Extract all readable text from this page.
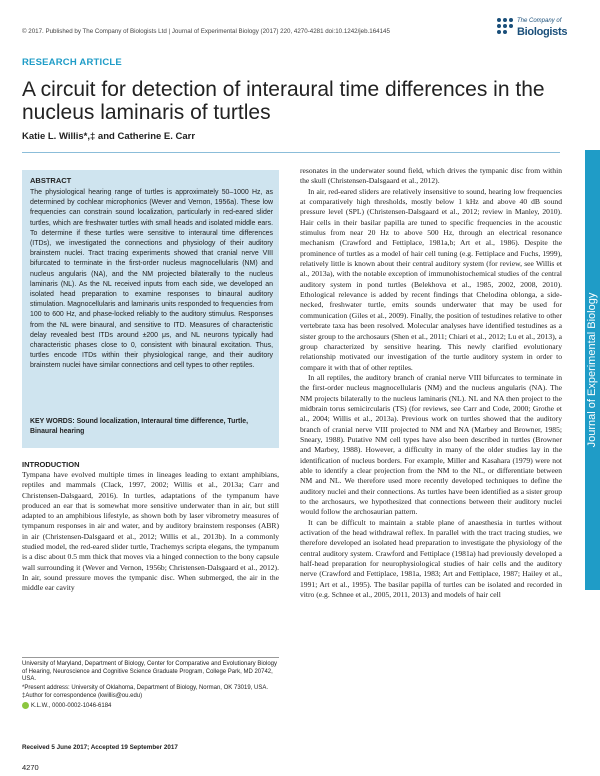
© 2017. Published by The Company of Biologists Ltd | Journal of Experimental Biology (2017) 220, 4270-4281 doi:10.1242/jeb.164145
The Company of
Biologists
RESEARCH ARTICLE
A circuit for detection of interaural time differences in the nucleus laminaris of turtles
Katie L. Willis*,‡ and Catherine E. Carr
ABSTRACT
The physiological hearing range of turtles is approximately 50–1000 Hz, as determined by cochlear microphonics (Wever and Vernon, 1956a). These low frequencies can constrain sound localization, particularly in red-eared slider turtles, which are freshwater turtles with small heads and isolated middle ears. To determine if these turtles were sensitive to interaural time differences (ITDs), we investigated the connections and physiology of their auditory brainstem nuclei. Tract tracing experiments showed that cranial nerve VIII bifurcated to terminate in the first-order nucleus magnocellularis (NM) and nucleus angularis (NA), and the NM projected bilaterally to the nucleus laminaris (NL). As the NL received inputs from each side, we developed an isolated head preparation to examine responses to binaural auditory stimulation. Magnocellularis and laminaris units responded to frequencies from 100 to 600 Hz, and phase-locked reliably to the auditory stimulus. Responses from the NL were binaural, and sensitive to ITD. Measures of characteristic delay revealed best ITDs around ±200 μs, and NL neurons typically had characteristic phases close to 0, consistent with binaural excitation. Thus, turtles encode ITDs within their physiological range, and their auditory brainstem nuclei have similar connections and cell types to other reptiles.
KEY WORDS: Sound localization, Interaural time difference, Turtle, Binaural hearing
INTRODUCTION

Tympana have evolved multiple times in lineages leading to extant amphibians, reptiles and mammals (Clack, 1997, 2002; Willis et al., 2013a; Carr and Christensen-Dalsgaard, 2016). In turtles, adaptations of the tympanum have produced an ear that is somewhat more sensitive underwater than in air, but still adapted to an amphibious lifestyle, as shown both by laser vibrometry measures of tympanum responses in air and water, and by auditory brainstem responses (ABR) in air (Christensen-Dalsgaard et al., 2012; Willis et al., 2013b). In a commonly studied model, the red-eared slider turtle, Trachemys scripta elegans, the tympanum is a disc about 0.5 mm thick that moves via a hinged connection to the bony capsule wall surrounding it (Wever and Vernon, 1956b; Christensen-Dalsgaard et al., 2012). In air, sound pressure moves the tympanic disc. When submerged, the air in the middle ear cavity

resonates in the underwater sound field, which drives the tympanic disc from within the skull (Christensen-Dalsgaard et al., 2012).

In air, red-eared sliders are relatively insensitive to sound, hearing low frequencies at comparatively high thresholds, mostly below 1 kHz and above 40 dB sound pressure level (SPL) (Christensen-Dalsgaard et al., 2012; review in Manley, 2010). Hair cells in their basilar papilla are tuned to specific frequencies in the acoustic stimulus from near 20 Hz to above 500 Hz, through an electrical resonance mechanism (Crawford and Fettiplace, 1981a,b; Art et al., 1986). Despite the prominence of turtles as a model of hair cell tuning (e.g. Fettiplace and Fuchs, 1999), relatively little is known about their central auditory system (for review, see Willis et al., 2013a), with the notable exception of immunohistochemical studies of the central auditory system in pond turtles (Belekhova et al., 1985, 2002, 2008, 2010). Ethological relevance is added by recent findings that Chelodina oblonga, a side-necked, freshwater turtle, emits sounds underwater that may be used for communication (Giles et al., 2009). Finally, the position of testudines relative to other vertebrate taxa has been resolved. Molecular analyses have identified testudines as a sister group to the archosaurs (Shen et al., 2011; Chiari et al., 2012; Lu et al., 2013), a group characterized by sensitive hearing. This newly clarified evolutionary relationship motivated our investigation of the turtle auditory system in order to compare it with that of other reptiles.

In all reptiles, the auditory branch of cranial nerve VIII bifurcates to terminate in the first-order nucleus magnocellularis (NM) and the nucleus angularis (NA). The NM projects bilaterally to the nucleus laminaris (NL). NL and NA then project to the midbrain torus semicircularis (TS) (for reviews, see Carr and Code, 2000; Grothe et al., 2004; Willis et al., 2013a). Previous work on turtles showed that the auditory branch of cranial nerve VIII projected to NM and NA (Marbey and Browner, 1985; Sneary, 1988). Putative NM cell types have also been described in turtles (Browner and Marbey, 1988). However, a difficulty in many of the older studies lay in the identification of nucleus borders. For example, Miller and Kasahara (1979) were not able to identify a clear projection from the NM to the NL, or differentiate between NM and NL. We therefore used more recently developed techniques to define the auditory nuclei and their connections. As turtles have been identified as a sister group to the archosaurs, we hypothesized that connections between their auditory nuclei would follow the archosaurian pattern.

It can be difficult to maintain a stable plane of anaesthesia in turtles without activation of the head withdrawal reflex. In parallel with the tract tracing studies, we therefore developed an isolated head preparation to investigate the physiology of the central auditory system. Crawford and Fettiplace (1981a) had previously developed a half-head preparation for neurophysiological studies of hair cells and the auditory nerve (Crawford and Fettiplace, 1981a, 1983; Art and Fettiplace, 1987; Hailey et al., 1991; Art et al., 1995). The basilar papilla of turtles can be isolated and recorded in vitro (e.g. Schnee et al., 2005, 2011, 2013) and models of hair cell

University of Maryland, Department of Biology, Center for Comparative and Evolutionary Biology of Hearing, Neuroscience and Cognitive Science Graduate Program, College Park, MD 20742, USA.
*Present address: University of Oklahoma, Department of Biology, Norman, OK 73019, USA.
‡Author for correspondence (kwillis@ou.edu)
K.L.W., 0000-0002-1046-6184
Received 5 June 2017; Accepted 19 September 2017
4270
Journal of Experimental Biology
